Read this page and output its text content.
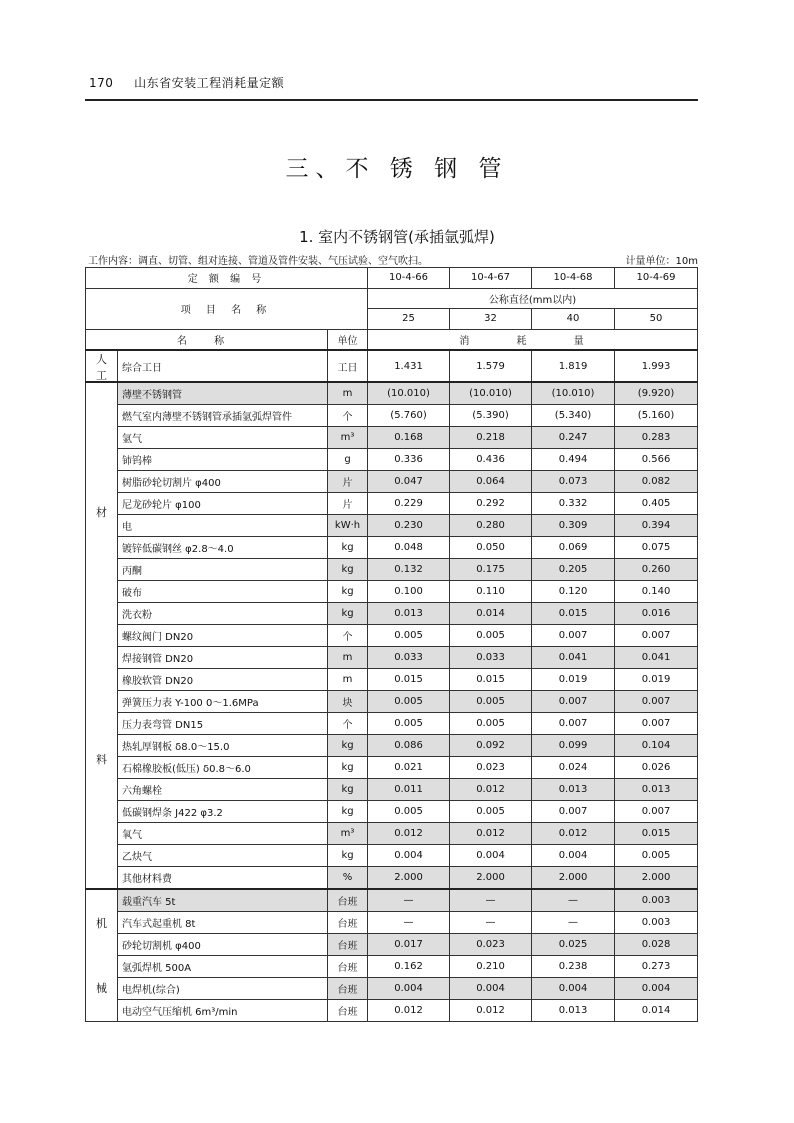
170 山东省安装工程消耗量定额
三、不 锈 钢 管
1. 室内不锈钢管(承插氩弧焊)
工作内容：调直、切管、组对连接、管道及管件安装、气压试验、空气吹扫。	计量单位：10m
定 额 编 号			10-4-66	10-4-67	10-4-68	10-4-69
项 目 名 称			公称直径(mm以内)			
			25	32	40	50
名 称		单位	消 耗 量			

人
工	综合工日	工日	1.431	1.579	1.819	1.993

材
料	薄壁不锈钢管	m	(10.010)	(10.010)	(10.010)	(9.920)
	燃气室内薄壁不锈钢管承插氩弧焊管件	个	(5.760)	(5.390)	(5.340)	(5.160)
	氩气	m³	0.168	0.218	0.247	0.283
	铈钨棒	g	0.336	0.436	0.494	0.566
	树脂砂轮切割片 φ400	片	0.047	0.064	0.073	0.082
	尼龙砂轮片 φ100	片	0.229	0.292	0.332	0.405
	电	kW·h	0.230	0.280	0.309	0.394
	镀锌低碳钢丝 φ2.8～4.0	kg	0.048	0.050	0.069	0.075
	丙酮	kg	0.132	0.175	0.205	0.260
	破布	kg	0.100	0.110	0.120	0.140
	洗衣粉	kg	0.013	0.014	0.015	0.016
	螺纹阀门 DN20	个	0.005	0.005	0.007	0.007
	焊接钢管 DN20	m	0.033	0.033	0.041	0.041
	橡胶软管 DN20	m	0.015	0.015	0.019	0.019
	弹簧压力表 Y-100 0～1.6MPa	块	0.005	0.005	0.007	0.007
	压力表弯管 DN15	个	0.005	0.005	0.007	0.007
	热轧厚钢板 δ8.0～15.0	kg	0.086	0.092	0.099	0.104
	石棉橡胶板(低压) δ0.8～6.0	kg	0.021	0.023	0.024	0.026
	六角螺栓	kg	0.011	0.012	0.013	0.013
	低碳钢焊条 J422 φ3.2	kg	0.005	0.005	0.007	0.007
	氧气	m³	0.012	0.012	0.012	0.015
	乙炔气	kg	0.004	0.004	0.004	0.005
	其他材料费	%	2.000	2.000	2.000	2.000

机
械	载重汽车 5t	台班	—	—	—	0.003
	汽车式起重机 8t	台班	—	—	—	0.003
	砂轮切割机 φ400	台班	0.017	0.023	0.025	0.028
	氩弧焊机 500A	台班	0.162	0.210	0.238	0.273
	电焊机(综合)	台班	0.004	0.004	0.004	0.004
	电动空气压缩机 6m³/min	台班	0.012	0.012	0.013	0.014
